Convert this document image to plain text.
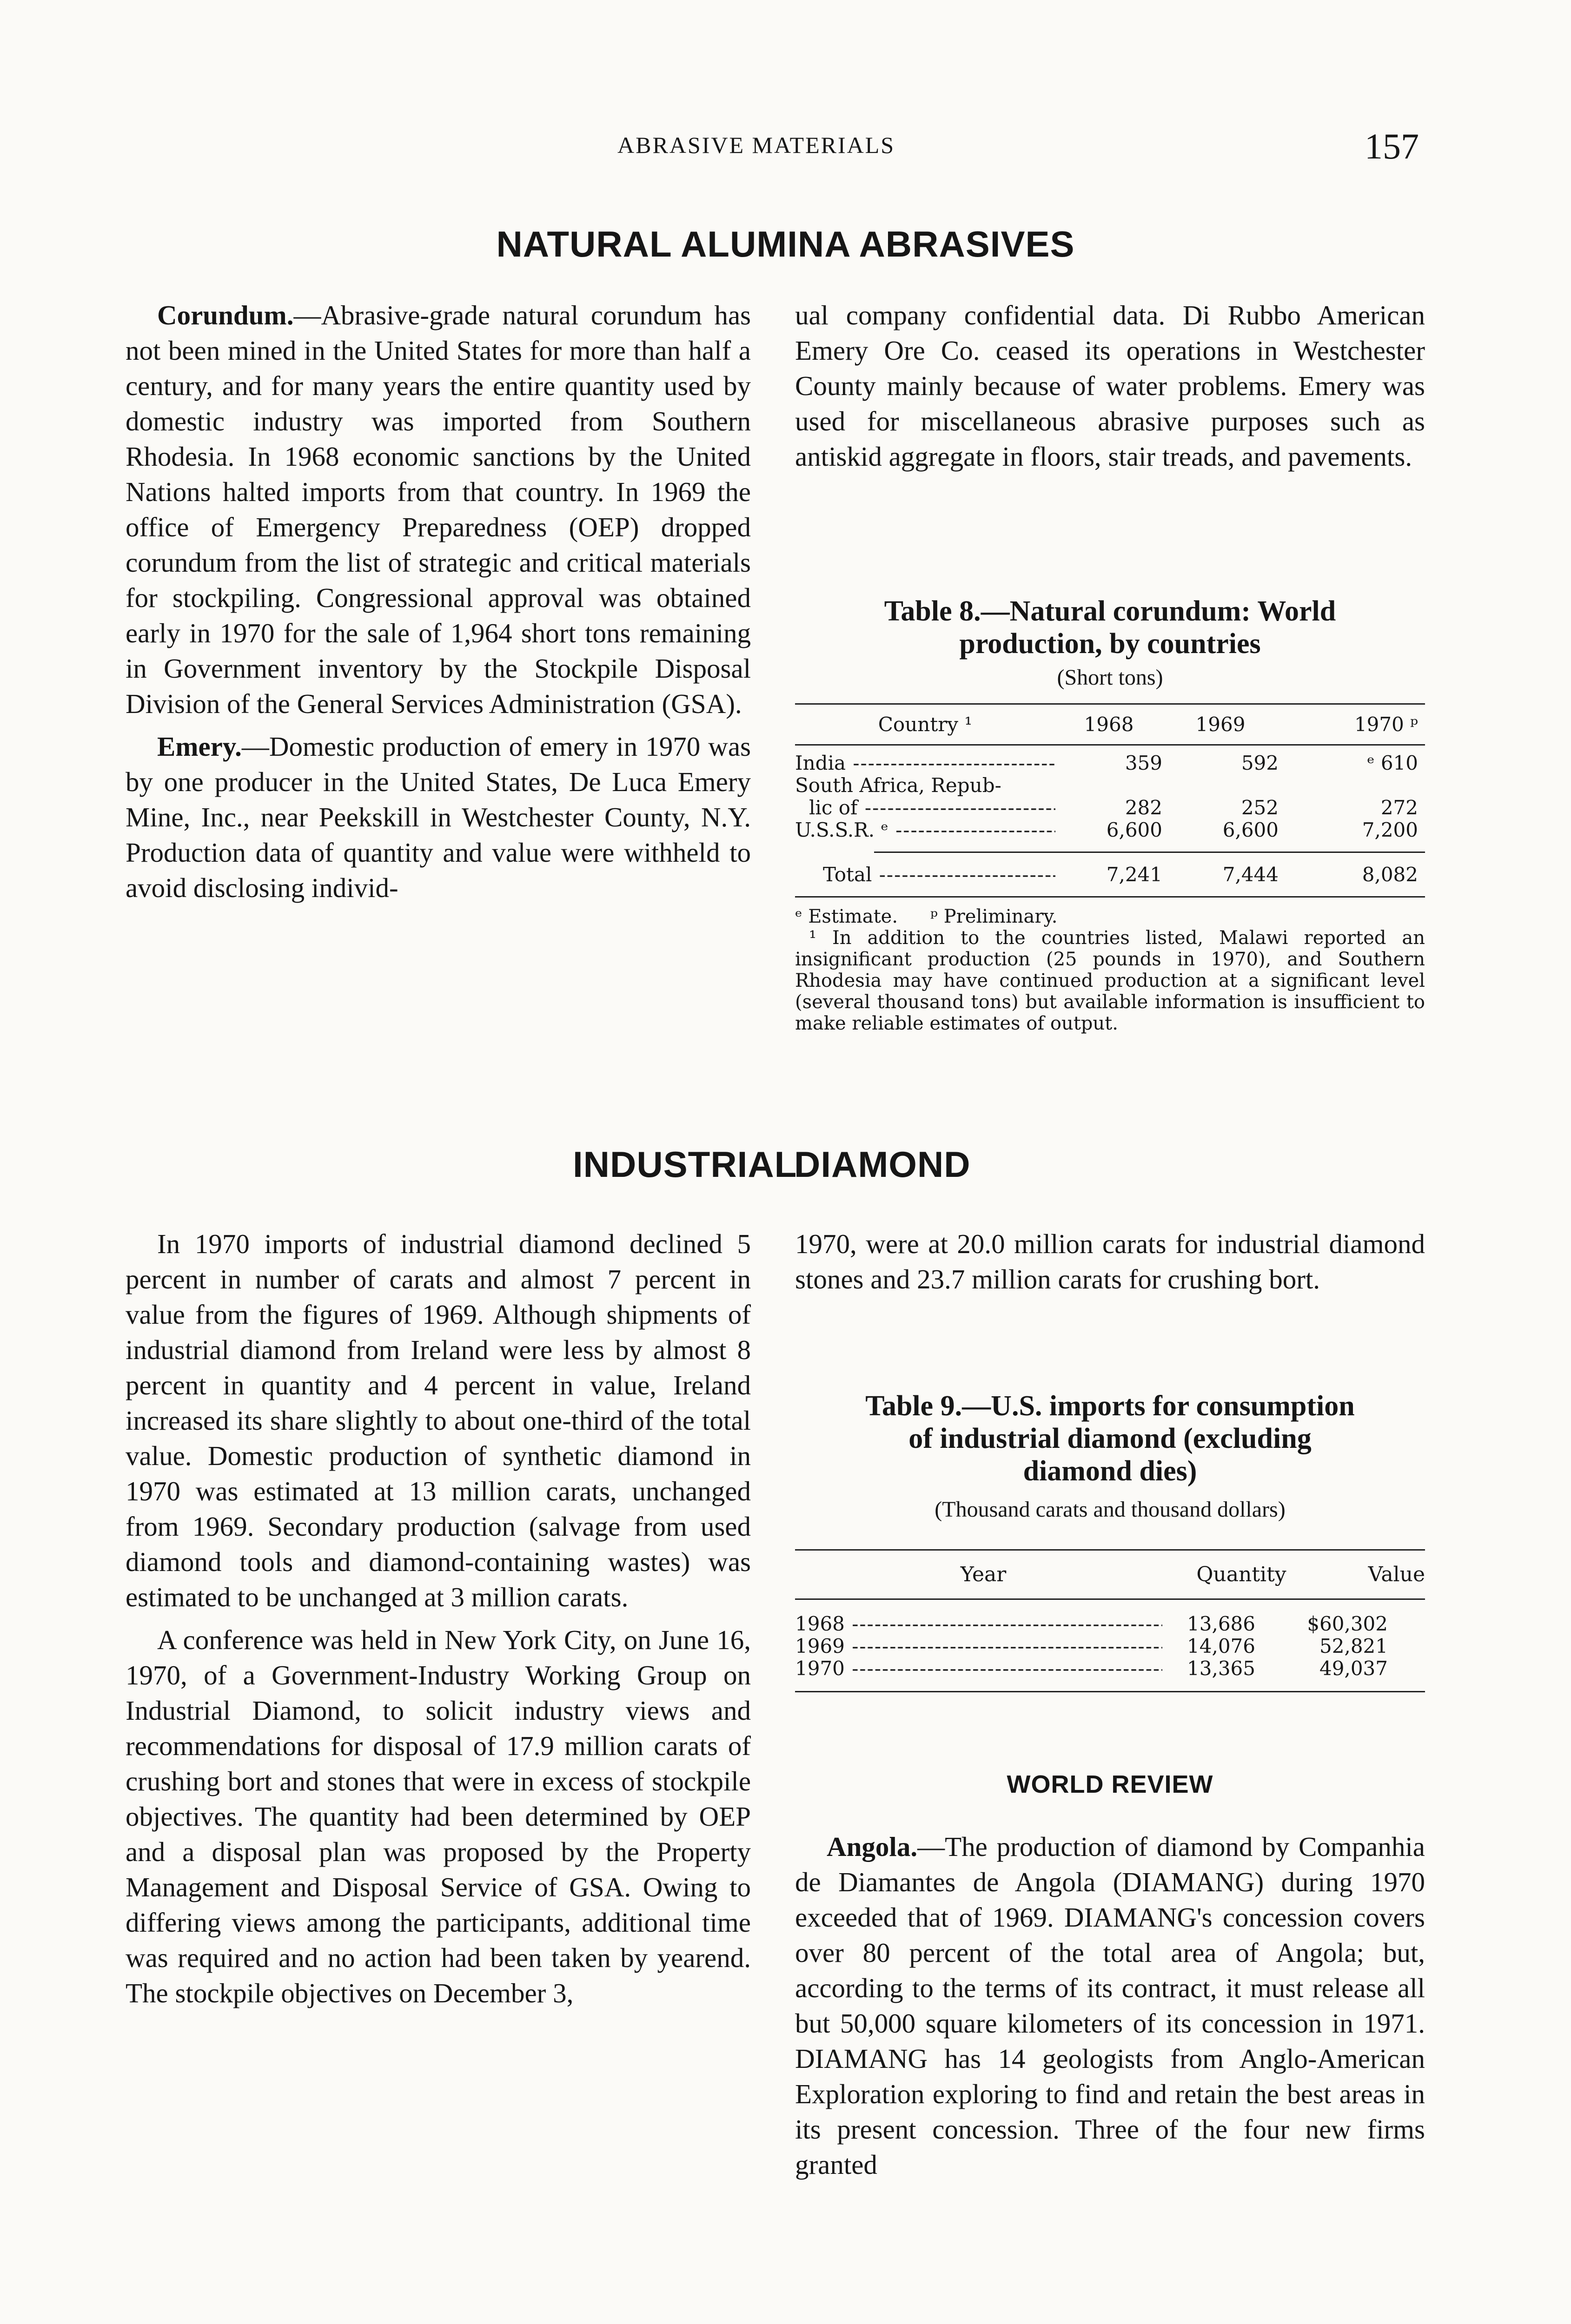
ABRASIVE MATERIALS	157
NATURAL ALUMINA ABRASIVES

Corundum.—Abrasive-grade natural corundum has not been mined in the United States for more than half a century, and for many years the entire quantity used by domestic industry was imported from Southern Rhodesia. In 1968 economic sanctions by the United Nations halted imports from that country. In 1969 the office of Emergency Preparedness (OEP) dropped corundum from the list of strategic and critical materials for stockpiling. Congressional approval was obtained early in 1970 for the sale of 1,964 short tons remaining in Government inventory by the Stockpile Disposal Division of the General Services Administration (GSA).

Emery.—Domestic production of emery in 1970 was by one producer in the United States, De Luca Emery Mine, Inc., near Peekskill in Westchester County, N.Y. Production data of quantity and value were withheld to avoid disclosing individ-

ual company confidential data. Di Rubbo American Emery Ore Co. ceased its operations in Westchester County mainly because of water problems. Emery was used for miscellaneous abrasive purposes such as antiskid aggregate in floors, stair treads, and pavements.

Table 8.—Natural corundum: World
production, by countries
(Short tons)
Country ¹	1968	1969	1970 ᵖ
India -----	359	592	ᵉ 610
South Africa, Repub-
lic of -----	282	252	272
U.S.S.R. ᵉ -----	6,600	6,600	7,200
Total -----	7,241	7,444	8,082
ᵉ Estimate. ᵖ Preliminary.
¹ In addition to the countries listed, Malawi reported an insignificant production (25 pounds in 1970), and Southern Rhodesia may have continued production at a significant level (several thousand tons) but available information is insufficient to make reliable estimates of output.
INDUSTRIAL
DIAMOND

In 1970 imports of industrial diamond declined 5 percent in number of carats and almost 7 percent in value from the figures of 1969. Although shipments of industrial diamond from Ireland were less by almost 8 percent in quantity and 4 percent in value, Ireland increased its share slightly to about one-third of the total value. Domestic production of synthetic diamond in 1970 was estimated at 13 million carats, unchanged from 1969. Secondary production (salvage from used diamond tools and diamond-containing wastes) was estimated to be unchanged at 3 million carats.

A conference was held in New York City, on June 16, 1970, of a Government-Industry Working Group on Industrial Diamond, to solicit industry views and recommendations for disposal of 17.9 million carats of crushing bort and stones that were in excess of stockpile objectives. The quantity had been determined by OEP and a disposal plan was proposed by the Property Management and Disposal Service of GSA. Owing to differing views among the participants, additional time was required and no action had been taken by yearend. The stockpile objectives on December 3,

1970, were at 20.0 million carats for industrial diamond stones and 23.7 million carats for crushing bort.

Table 9.—U.S. imports for consumption
of industrial diamond (excluding
diamond dies)
(Thousand carats and thousand dollars)
Year	Quantity	Value
1968 -----	13,686	$60,302
1969 -----	14,076	52,821
1970 -----	13,365	49,037
WORLD REVIEW

Angola.—The production of diamond by Companhia de Diamantes de Angola (DIAMANG) during 1970 exceeded that of 1969. DIAMANG's concession covers over 80 percent of the total area of Angola; but, according to the terms of its contract, it must release all but 50,000 square kilometers of its concession in 1971. DIAMANG has 14 geologists from Anglo-American Exploration exploring to find and retain the best areas in its present concession. Three of the four new firms granted
